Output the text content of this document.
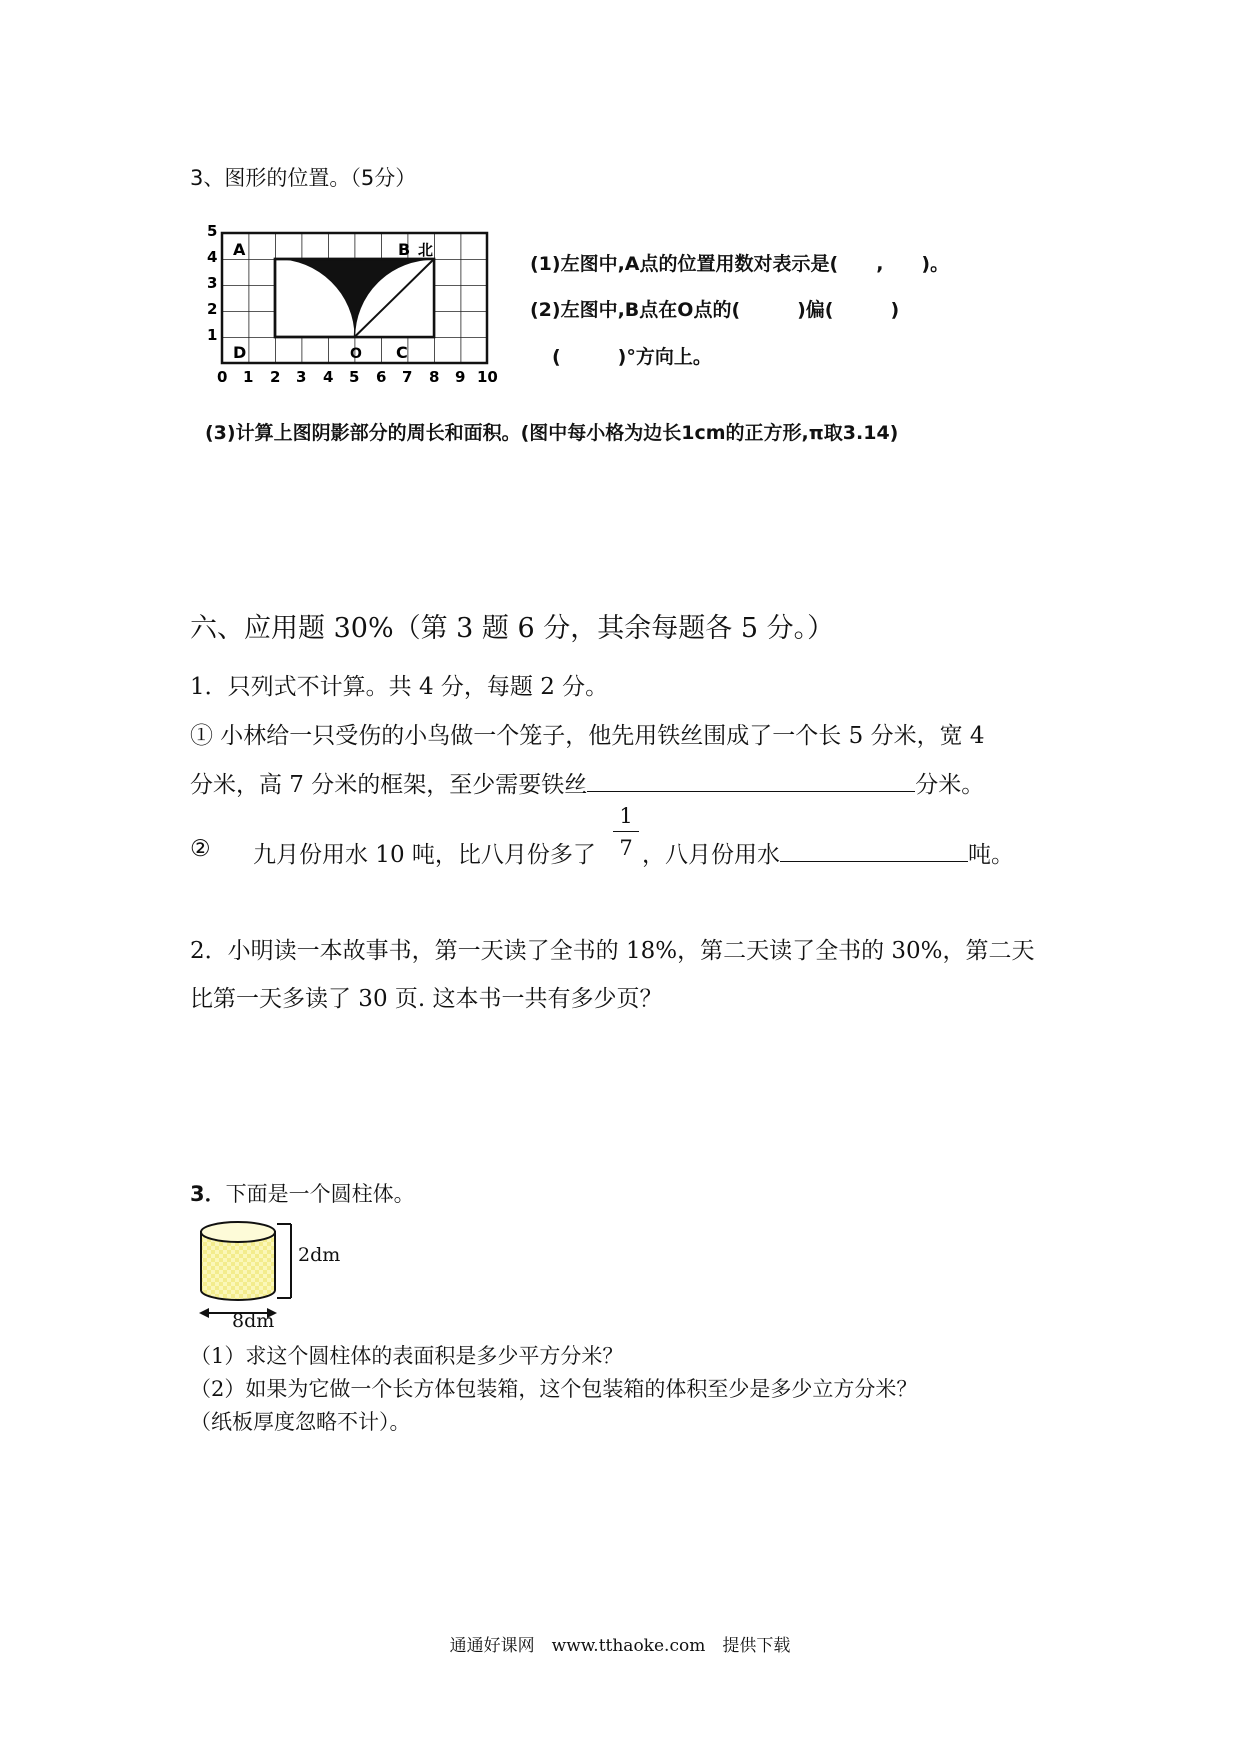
3、图形的位置。（5分）
A	B 北
D	C
O
5
4
3
2
1
0 1 2 3 4 5 6 7 8 9 10
(1)左图中,A点的位置用数对表示是(　　,　　)。
(2)左图中,B点在O点的(　　　)偏(　　　)
(　　　)°方向上。
(3)计算上图阴影部分的周长和面积。(图中每小格为边长1cm的正方形,π取3.14)
六、应用题 30%（第 3 题 6 分，其余每题各 5 分。）
1．只列式不计算。共 4 分，每题 2 分。
① 小林给一只受伤的小鸟做一个笼子，他先用铁丝围成了一个长 5 分米，宽 4
分米，高 7 分米的框架，至少需要铁丝	分米。
② 九月份用水 10 吨，比八月份多了 $\frac{1}{7}$ ，八月份用水	吨。
2．小明读一本故事书，第一天读了全书的 18%，第二天读了全书的 30%，第二天
比第一天多读了 30 页. 这本书一共有多少页？
3．下面是一个圆柱体。
2dm
8dm
（1）求这个圆柱体的表面积是多少平方分米？
（2）如果为它做一个长方体包装箱，这个包装箱的体积至少是多少立方分米？
（纸板厚度忽略不计）。
通通好课网　www.tthaoke.com　提供下载
